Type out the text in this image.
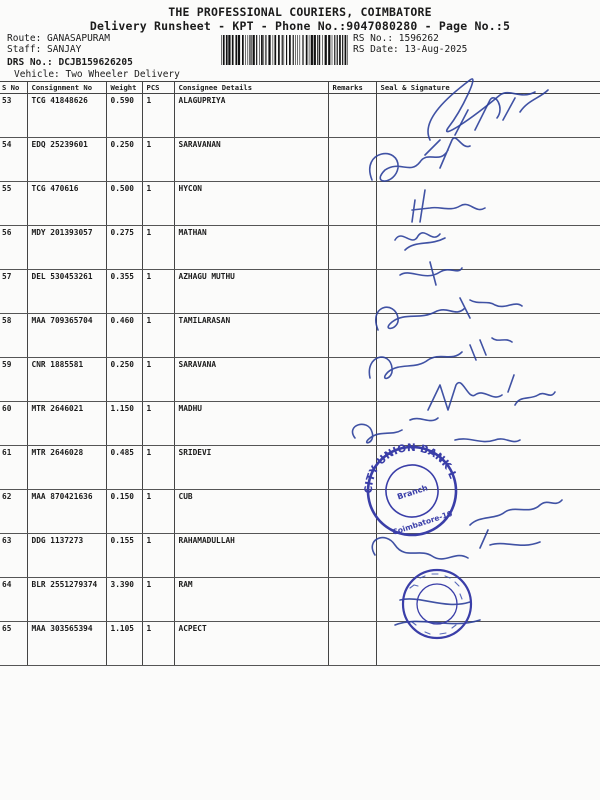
THE PROFESSIONAL COURIERS, COIMBATORE
Delivery Runsheet - KPT - Phone No.:9047080280 - Page No.:5
Route: GANASAPURAM
Staff: SANJAY
DRS No.: DCJB159626205
Vehicle: Two Wheeler Delivery
RS No.: 1596262
RS Date: 13-Aug-2025
S No	Consignment No	Weight	PCS	Consignee Details	Remarks	Seal & Signature
53	TCG 41848626	0.590	1	ALAGUPRIYA		
54	EDQ 25239601	0.250	1	SARAVANAN		
55	TCG 470616	0.500	1	HYCON		
56	MDY 201393057	0.275	1	MATHAN		
57	DEL 530453261	0.355	1	AZHAGU MUTHU		
58	MAA 709365704	0.460	1	TAMILARASAN		
59	CNR 1885581	0.250	1	SARAVANA		
60	MTR 2646021	1.150	1	MADHU		
61	MTR 2646028	0.485	1	SRIDEVI		
62	MAA 870421636	0.150	1	CUB		
63	DDG 1137273	0.155	1	RAHAMADULLAH		
64	BLR 2551279374	3.390	1	RAM		
65	MAA 303565394	1.105	1	ACPECT		
CITY UNION BANK LTD
Branch
Coimbatore-10
